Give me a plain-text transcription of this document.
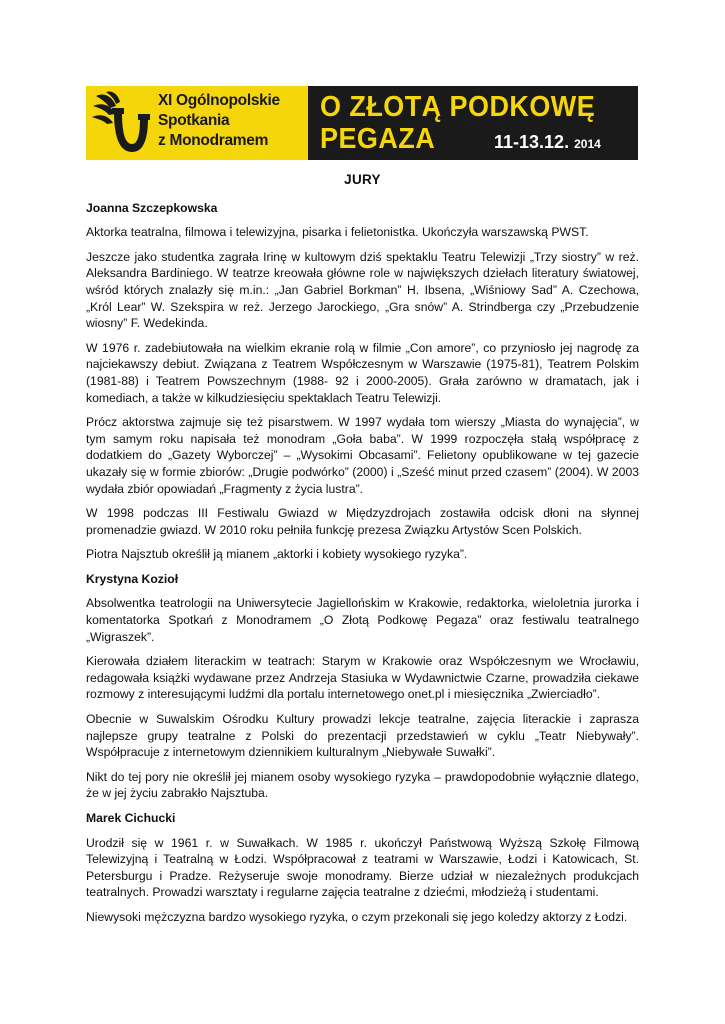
XI Ogólnopolskie
Spotkania
z Monodramem
O ZŁOTĄ PODKOWĘ
PEGAZA	11-13.12. 2014
JURY
Joanna Szczepkowska

Aktorka teatralna, filmowa i telewizyjna, pisarka i felietonistka. Ukończyła warszawską PWST.

Jeszcze jako studentka zagrała Irinę w kultowym dziś spektaklu Teatru Telewizji „Trzy siostry” w reż. Aleksandra Bardiniego. W teatrze kreowała główne role w największych dziełach literatury światowej, wśród których znalazły się m.in.: „Jan Gabriel Borkman” H. Ibsena, „Wiśniowy Sad” A. Czechowa, „Król Lear” W. Szekspira w reż. Jerzego Jarockiego, „Gra snów” A. Strindberga czy „Przebudzenie wiosny” F. Wedekinda.

W 1976 r. zadebiutowała na wielkim ekranie rolą w filmie „Con amore”, co przyniosło jej nagrodę za najciekawszy debiut. Związana z Teatrem Współczesnym w Warszawie (1975-81), Teatrem Polskim (1981-88) i Teatrem Powszechnym (1988- 92 i 2000-2005). Grała zarówno w dramatach, jak i komediach, a także w kilkudziesięciu spektaklach Teatru Telewizji.

Prócz aktorstwa zajmuje się też pisarstwem. W 1997 wydała tom wierszy „Miasta do wynajęcia”, w tym samym roku napisała też monodram „Goła baba”. W 1999 rozpoczęła stałą współpracę z dodatkiem do „Gazety Wyborczej” – „Wysokimi Obcasami”. Felietony opublikowane w tej gazecie ukazały się w formie zbiorów: „Drugie podwórko” (2000) i „Sześć minut przed czasem” (2004). W 2003 wydała zbiór opowiadań „Fragmenty z życia lustra”.

W 1998 podczas III Festiwalu Gwiazd w Międzyzdrojach zostawiła odcisk dłoni na słynnej promenadzie gwiazd. W 2010 roku pełniła funkcję prezesa Związku Artystów Scen Polskich.

Piotra Najsztub określił ją mianem „aktorki i kobiety wysokiego ryzyka”.

Krystyna Kozioł

Absolwentka teatrologii na Uniwersytecie Jagiellońskim w Krakowie, redaktorka, wieloletnia jurorka i komentatorka Spotkań z Monodramem „O Złotą Podkowę Pegaza” oraz festiwalu teatralnego „Wigraszek”.

Kierowała działem literackim w teatrach: Starym w Krakowie oraz Współczesnym we Wrocławiu, redagowała książki wydawane przez Andrzeja Stasiuka w Wydawnictwie Czarne, prowadziła ciekawe rozmowy z interesującymi ludźmi dla portalu internetowego onet.pl i miesięcznika „Zwierciadło”.

Obecnie w Suwalskim Ośrodku Kultury prowadzi lekcje teatralne, zajęcia literackie i zaprasza najlepsze grupy teatralne z Polski do prezentacji przedstawień w cyklu „Teatr Niebywały”. Współpracuje z internetowym dziennikiem kulturalnym „Niebywałe Suwałki”.

Nikt do tej pory nie określił jej mianem osoby wysokiego ryzyka – prawdopodobnie wyłącznie dlatego, że w jej życiu zabrakło Najsztuba.

Marek Cichucki

Urodził się w 1961 r. w Suwałkach. W 1985 r. ukończył Państwową Wyższą Szkołę Filmową Telewizyjną i Teatralną w Łodzi. Współpracował z teatrami w Warszawie, Łodzi i Katowicach, St. Petersburgu i Pradze. Reżyseruje swoje monodramy. Bierze udział w niezależnych produkcjach teatralnych. Prowadzi warsztaty i regularne zajęcia teatralne z dziećmi, młodzieżą i studentami.

Niewysoki mężczyzna bardzo wysokiego ryzyka, o czym przekonali się jego koledzy aktorzy z Łodzi.
